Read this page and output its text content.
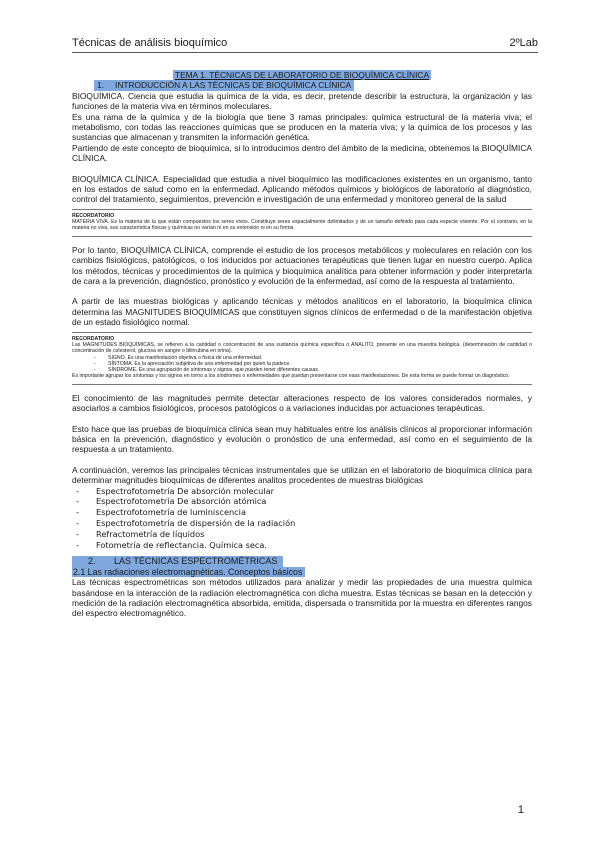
Técnicas de análisis bioquímico	2ºLab

TEMA 1. TÉCNICAS DE LABORATORIO DE BIOQUÍMICA CLÍNICA

1. INTRODUCCIÓN A LAS TÉCNICAS DE BIOQUÍMICA CLÍNICA

BIOQUÍMICA. Ciencia que estudia la química de la vida, es decir, pretende describir la estructura, la organización y las funciones de la materia viva en términos moleculares.

Es una rama de la química y de la biología que tiene 3 ramas principales: química estructural de la materia viva; el metabolismo, con todas las reacciones químicas que se producen en la materia viva; y la química de los procesos y las sustancias que almacenan y transmiten la información genética.

Partiendo de este concepto de bioquímica, si lo introducimos dentro del ámbito de la medicina, obtenemos la BIOQUÍMICA CLÍNICA.

BIOQUÍMICA CLÍNICA. Especialidad que estudia a nivel bioquímico las modificaciones existentes en un organismo, tanto en los estados de salud como en la enfermedad. Aplicando métodos químicos y biológicos de laboratorio al diagnóstico, control del tratamiento, seguimientos, prevención e investigación de una enfermedad y monitoreo general de la salud

RECORDATORIO
MATERIA VIVA. Es la materia de la que están compuestos los seres vivos. Constituye seres espacialmente delimitados y de un tamaño definido para cada especie viviente. Por el contrario, en la materia no viva, sus característica físicas y químicas no varían ni en su extensión ni en su forma

Por lo tanto, BIOQUÍMICA CLÍNICA, comprende el estudio de los procesos metabólicos y moleculares en relación con los cambios fisiológicos, patológicos, o los inducidos por actuaciones terapéuticas que tienen lugar en nuestro cuerpo. Aplica los métodos, técnicas y procedimientos de la química y bioquímica analítica para obtener información y poder interpretarla de cara a la prevención, diagnóstico, pronóstico y evolución de la enfermedad, así como de la respuesta al tratamiento.

A partir de las muestras biológicas y aplicando técnicas y métodos analíticos en el laboratorio, la bioquímica clínica determina las MAGNITUDES BIOQUÍMICAS que constituyen signos clínicos de enfermedad o de la manifestación objetiva de un estado fisiológico normal.

RECORDATORIO
Las MAGNITUDES BIOQUÍMICAS, se refieren a la cantidad o concentración de una sustancia química específica o ANALITO, presente en una muestra biológica. (determinación de cantidad o concentración de colesterol, glucosa en sangre o bilirrubina en orina).
- SIGNO. Es una manifestación objetiva o física de una enfermedad.
- SÍNTOMA. Es la apreciación subjetiva de una enfermedad por quien la padece.
- SÍNDROME. Es una agrupación de síntomas y signos, que pueden tener diferentes causas
Es importante agrupar los síntomas y los signos en torno a los síndromes o enfermedades que puedan presentarse con esas manifestaciones. De esta forma se puede formar un diagnóstico.

El conocimiento de las magnitudes permite detectar alteraciones respecto de los valores considerados normales, y asociarlos a cambios fisiológicos, procesos patológicos o a variaciones inducidas por actuaciones terapéuticas.

Esto hace que las pruebas de bioquímica clínica sean muy habituales entre los análisis clínicos al proporcionar información básica en la prevención, diagnóstico y evolución o pronóstico de una enfermedad, así como en el seguimiento de la respuesta a un tratamiento.

A continuación, veremos las principales técnicas instrumentales que se utilizan en el laboratorio de bioquímica clínica para determinar magnitudes bioquímicas de diferentes analitos procedentes de muestras biológicas

- Espectrofotometría De absorción molecular
- Espectrofotometría De absorción atómica
- Espectrofotometría de luminiscencia
- Espectrofotometría de dispersión de la radiación
- Refractometría de líquidos
- Fotometría de reflectancia. Química seca.

2. LAS TÉCNICAS ESPECTROMÉTRICAS

2.1 Las radiaciones electromagnéticas. Conceptos básicos

Las técnicas espectrométricas son métodos utilizados para analizar y medir las propiedades de una muestra química basándose en la interacción de la radiación electromagnética con dicha muestra. Estas técnicas se basan en la detección y medición de la radiación electromagnética absorbida, emitida, dispersada o transmitida por la muestra en diferentes rangos del espectro electromagnético.

1
